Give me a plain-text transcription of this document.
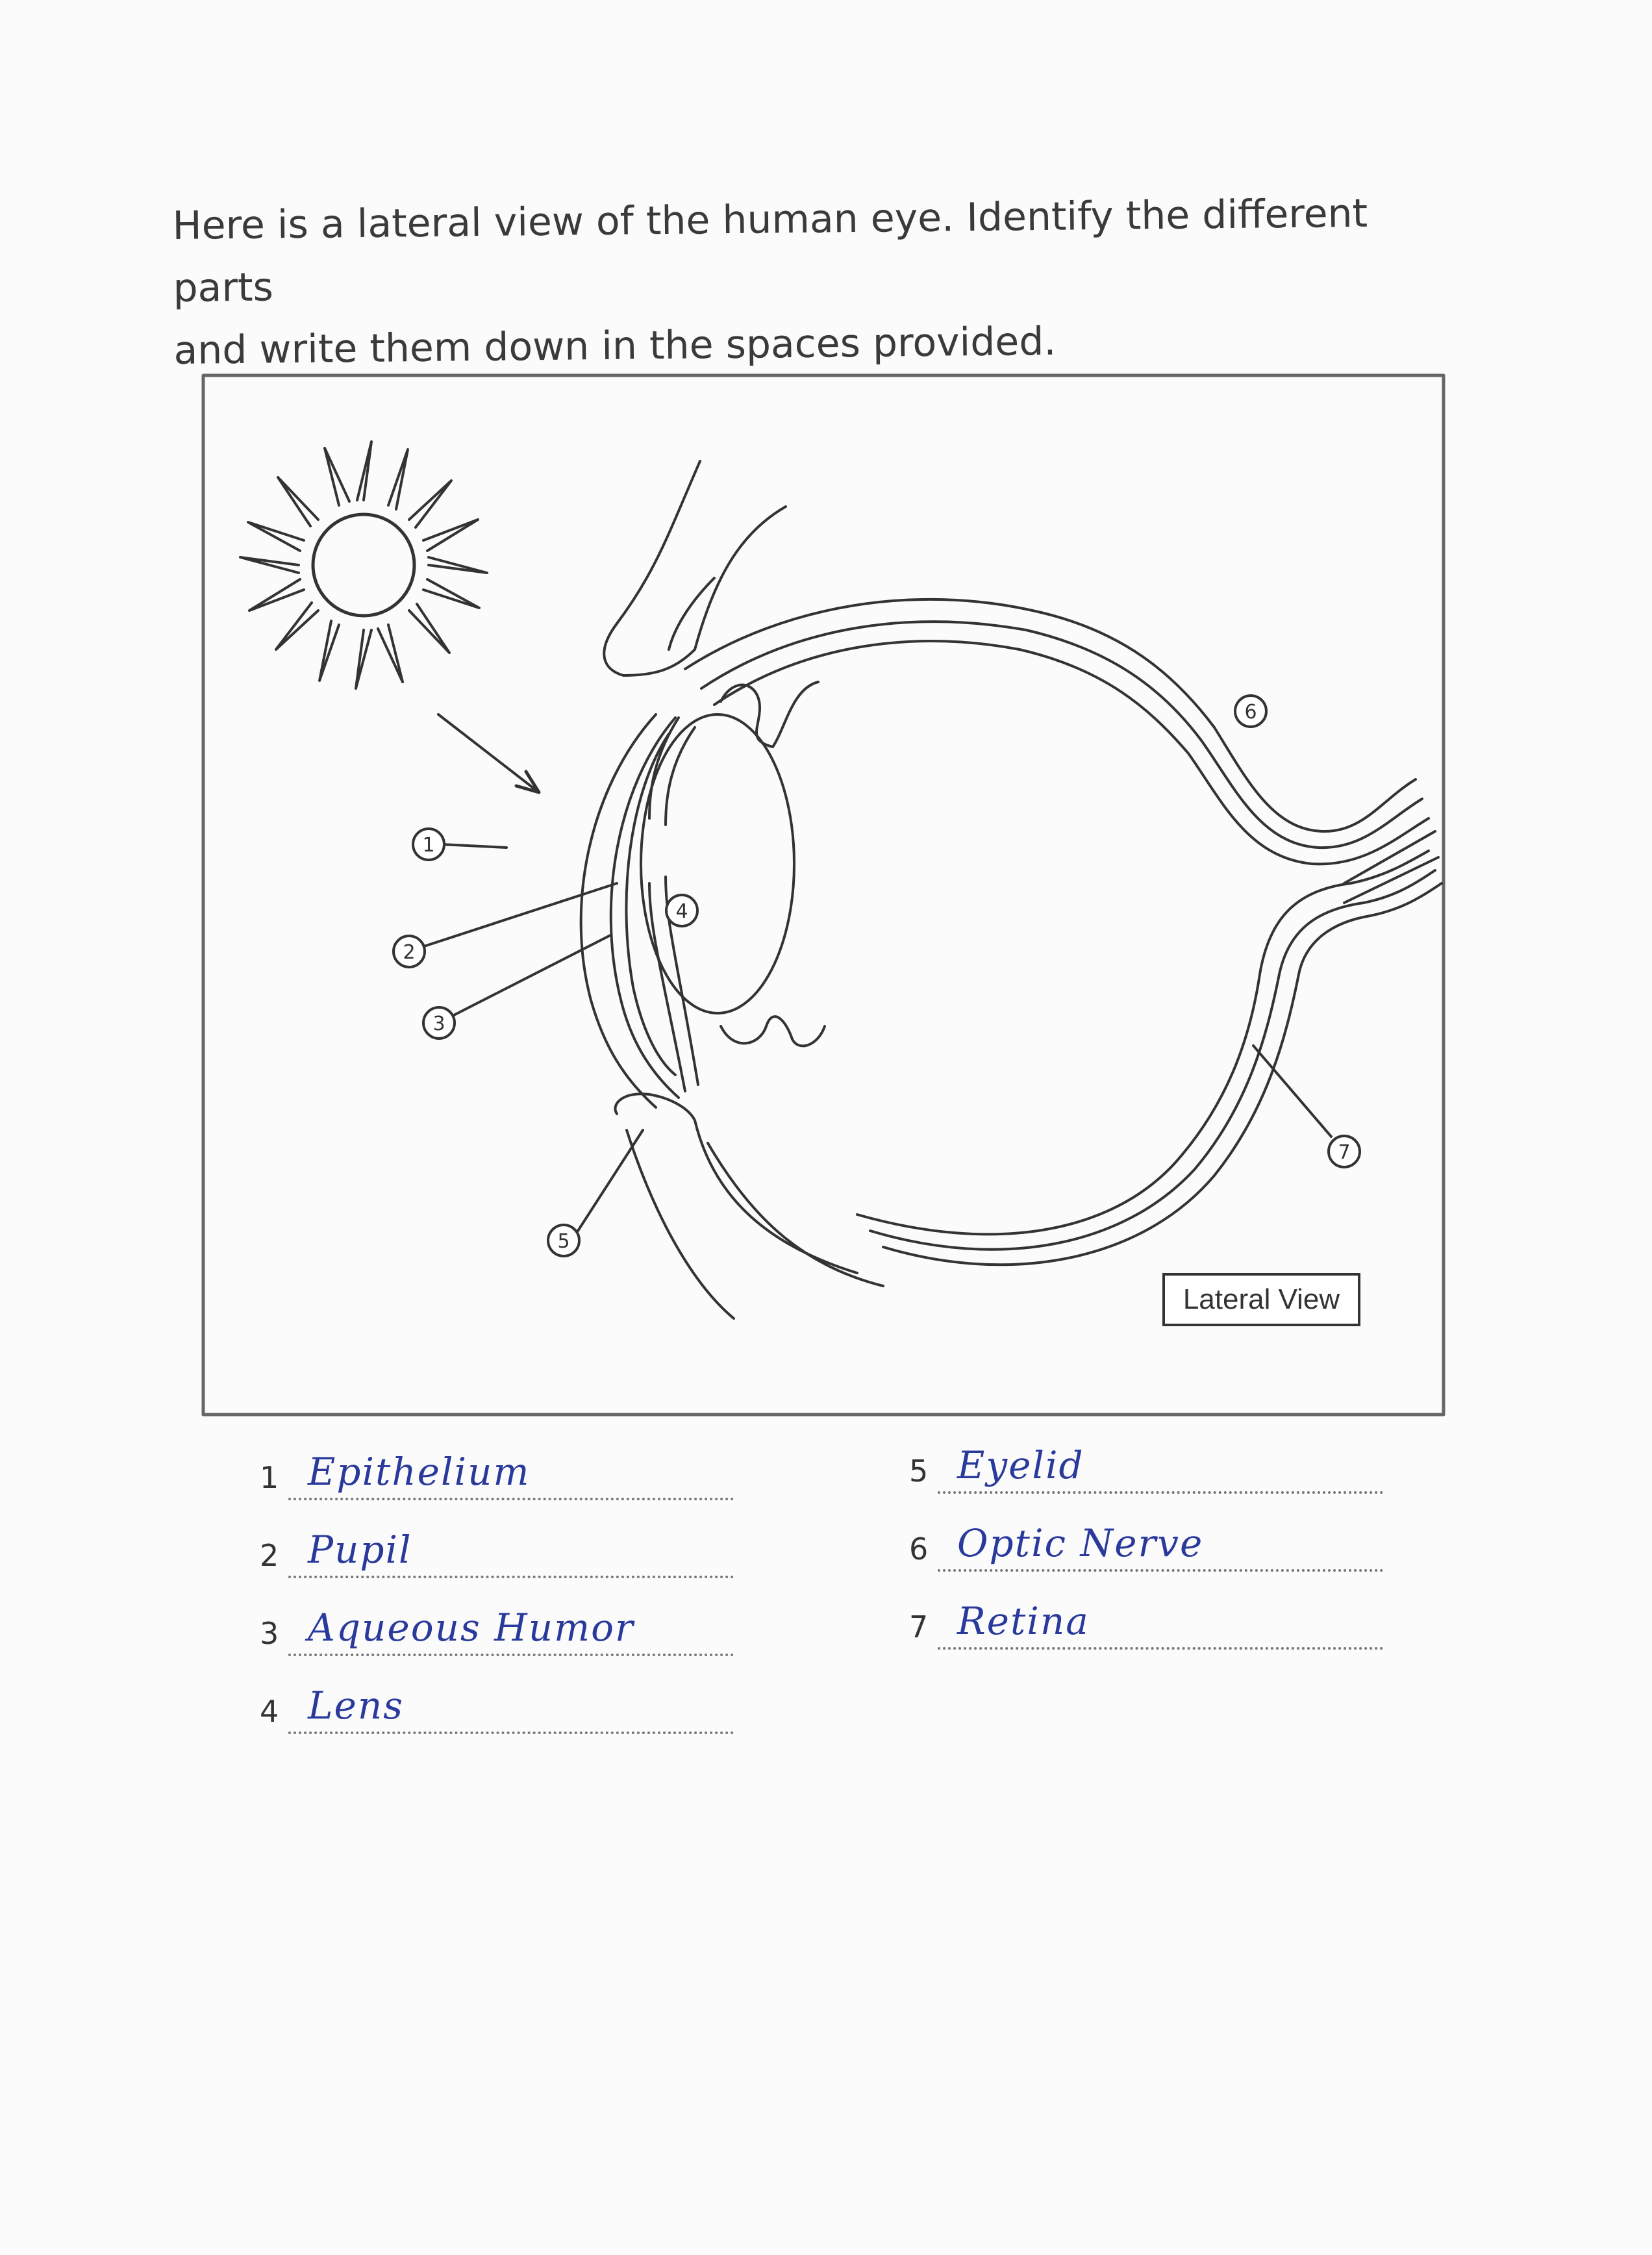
Here is a lateral view of the human eye. Identify the different parts
and write them down in the spaces provided.
1
2
3
4
5
6
7
Lateral View
1 Epithelium
2 Pupil
3 Aqueous Humor
4 Lens
5 Eyelid
6 Optic Nerve
7 Retina
